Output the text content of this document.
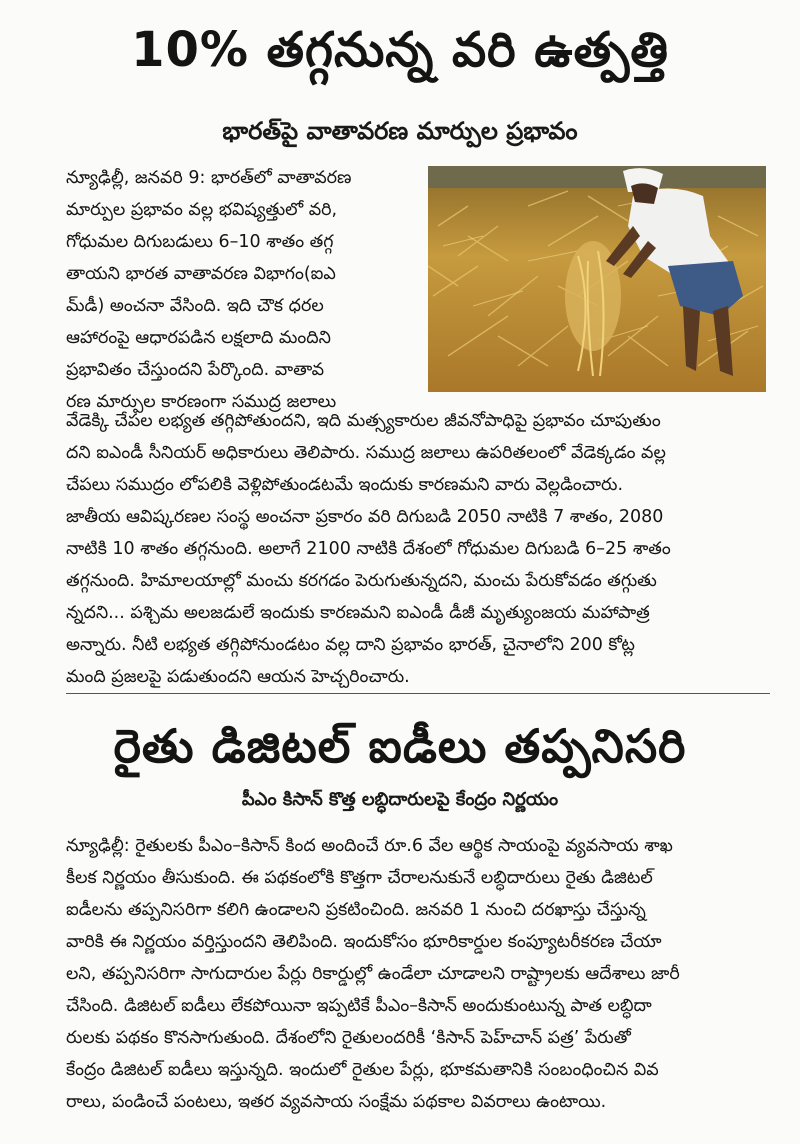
10% తగ్గనున్న వరి ఉత్పత్తి
భారత్‌పై వాతావరణ మార్పుల ప్రభావం
న్యూఢిల్లీ, జనవరి 9: భారత్‌లో వాతావరణ
మార్పుల ప్రభావం వల్ల భవిష్యత్తులో వరి,
గోధుమల దిగుబడులు 6–10 శాతం తగ్గ
తాయని భారత వాతావరణ విభాగం(ఐఎ
మ్‌డీ) అంచనా వేసింది. ఇది చౌక ధరల
ఆహారంపై ఆధారపడిన లక్షలాది మందిని
ప్రభావితం చేస్తుందని పేర్కొంది. వాతావ
రణ మార్పుల కారణంగా సముద్ర జలాలు
వేడెక్కి చేపల లభ్యత తగ్గిపోతుందని, ఇది మత్స్యకారుల జీవనోపాధిపై ప్రభావం చూపుతుం
దని ఐఎండీ సీనియర్ అధికారులు తెలిపారు. సముద్ర జలాలు ఉపరితలంలో వేడెక్కడం వల్ల
చేపలు సముద్రం లోపలికి వెళ్లిపోతుండటమే ఇందుకు కారణమని వారు వెల్లడించారు.
జాతీయ ఆవిష్కరణల సంస్థ అంచనా ప్రకారం వరి దిగుబడి 2050 నాటికి 7 శాతం, 2080
నాటికి 10 శాతం తగ్గనుంది. అలాగే 2100 నాటికి దేశంలో గోధుమల దిగుబడి 6–25 శాతం
తగ్గనుంది. హిమాలయాల్లో మంచు కరగడం పెరుగుతున్నదని, మంచు పేరుకోవడం తగ్గుతు
న్నదని... పశ్చిమ అలజడులే ఇందుకు కారణమని ఐఎండీ డీజీ మృత్యుంజయ మహాపాత్ర
అన్నారు. నీటి లభ్యత తగ్గిపోనుండటం వల్ల దాని ప్రభావం భారత్, చైనాలోని 200 కోట్ల
మంది ప్రజలపై పడుతుందని ఆయన హెచ్చరించారు.
రైతు డిజిటల్ ఐడీలు తప్పనిసరి
పీఎం కిసాన్ కొత్త లబ్ధిదారులపై కేంద్రం నిర్ణయం
న్యూఢిల్లీ: రైతులకు పీఎం–కిసాన్ కింద అందించే రూ.6 వేల ఆర్థిక సాయంపై వ్యవసాయ శాఖ
కీలక నిర్ణయం తీసుకుంది. ఈ పథకంలోకి కొత్తగా చేరాలనుకునే లబ్ధిదారులు రైతు డిజిటల్
ఐడీలను తప్పనిసరిగా కలిగి ఉండాలని ప్రకటించింది. జనవరి 1 నుంచి దరఖాస్తు చేస్తున్న
వారికి ఈ నిర్ణయం వర్తిస్తుందని తెలిపింది. ఇందుకోసం భూరికార్డుల కంప్యూటరీకరణ చేయా
లని, తప్పనిసరిగా సాగుదారుల పేర్లు రికార్డుల్లో ఉండేలా చూడాలని రాష్ట్రాలకు ఆదేశాలు జారీ
చేసింది. డిజిటల్ ఐడీలు లేకపోయినా ఇప్పటికే పీఎం–కిసాన్ అందుకుంటున్న పాత లబ్ధిదా
రులకు పథకం కొనసాగుతుంది. దేశంలోని రైతులందరికీ ‘కిసాన్ పెహ్‌చాన్ పత్ర’ పేరుతో
కేంద్రం డిజిటల్ ఐడీలు ఇస్తున్నది. ఇందులో రైతుల పేర్లు, భూకమతానికి సంబంధించిన వివ
రాలు, పండించే పంటలు, ఇతర వ్యవసాయ సంక్షేమ పథకాల వివరాలు ఉంటాయి.
